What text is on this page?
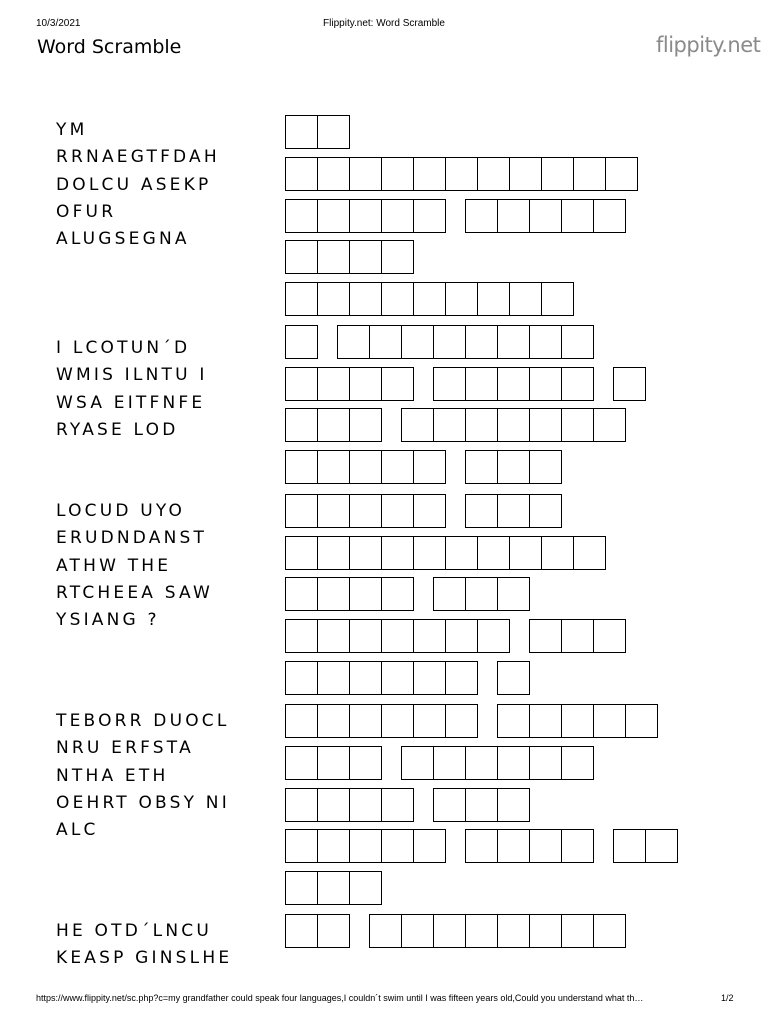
10/3/2021	Flippity.net: Word Scramble
Word Scramble	flippity.net
YM
RRNAEGTFDAH
DOLCU ASEKP
OFUR
ALUGSEGNA
I LCOTUN´D
WMIS ILNTU I
WSA EITFNFE
RYASE LOD
LOCUD UYO
ERUDNDANST
ATHW THE
RTCHEEA SAW
YSIANG ?
TEBORR DUOCL
NRU ERFSTA
NTHA ETH
OEHRT OBSY NI
ALC
HE OTD´LNCU
KEASP GINSLHE
https://www.flippity.net/sc.php?c=my grandfather could speak four languages,I couldn´t swim until I was fifteen years old,Could you understand what th…	1/2
